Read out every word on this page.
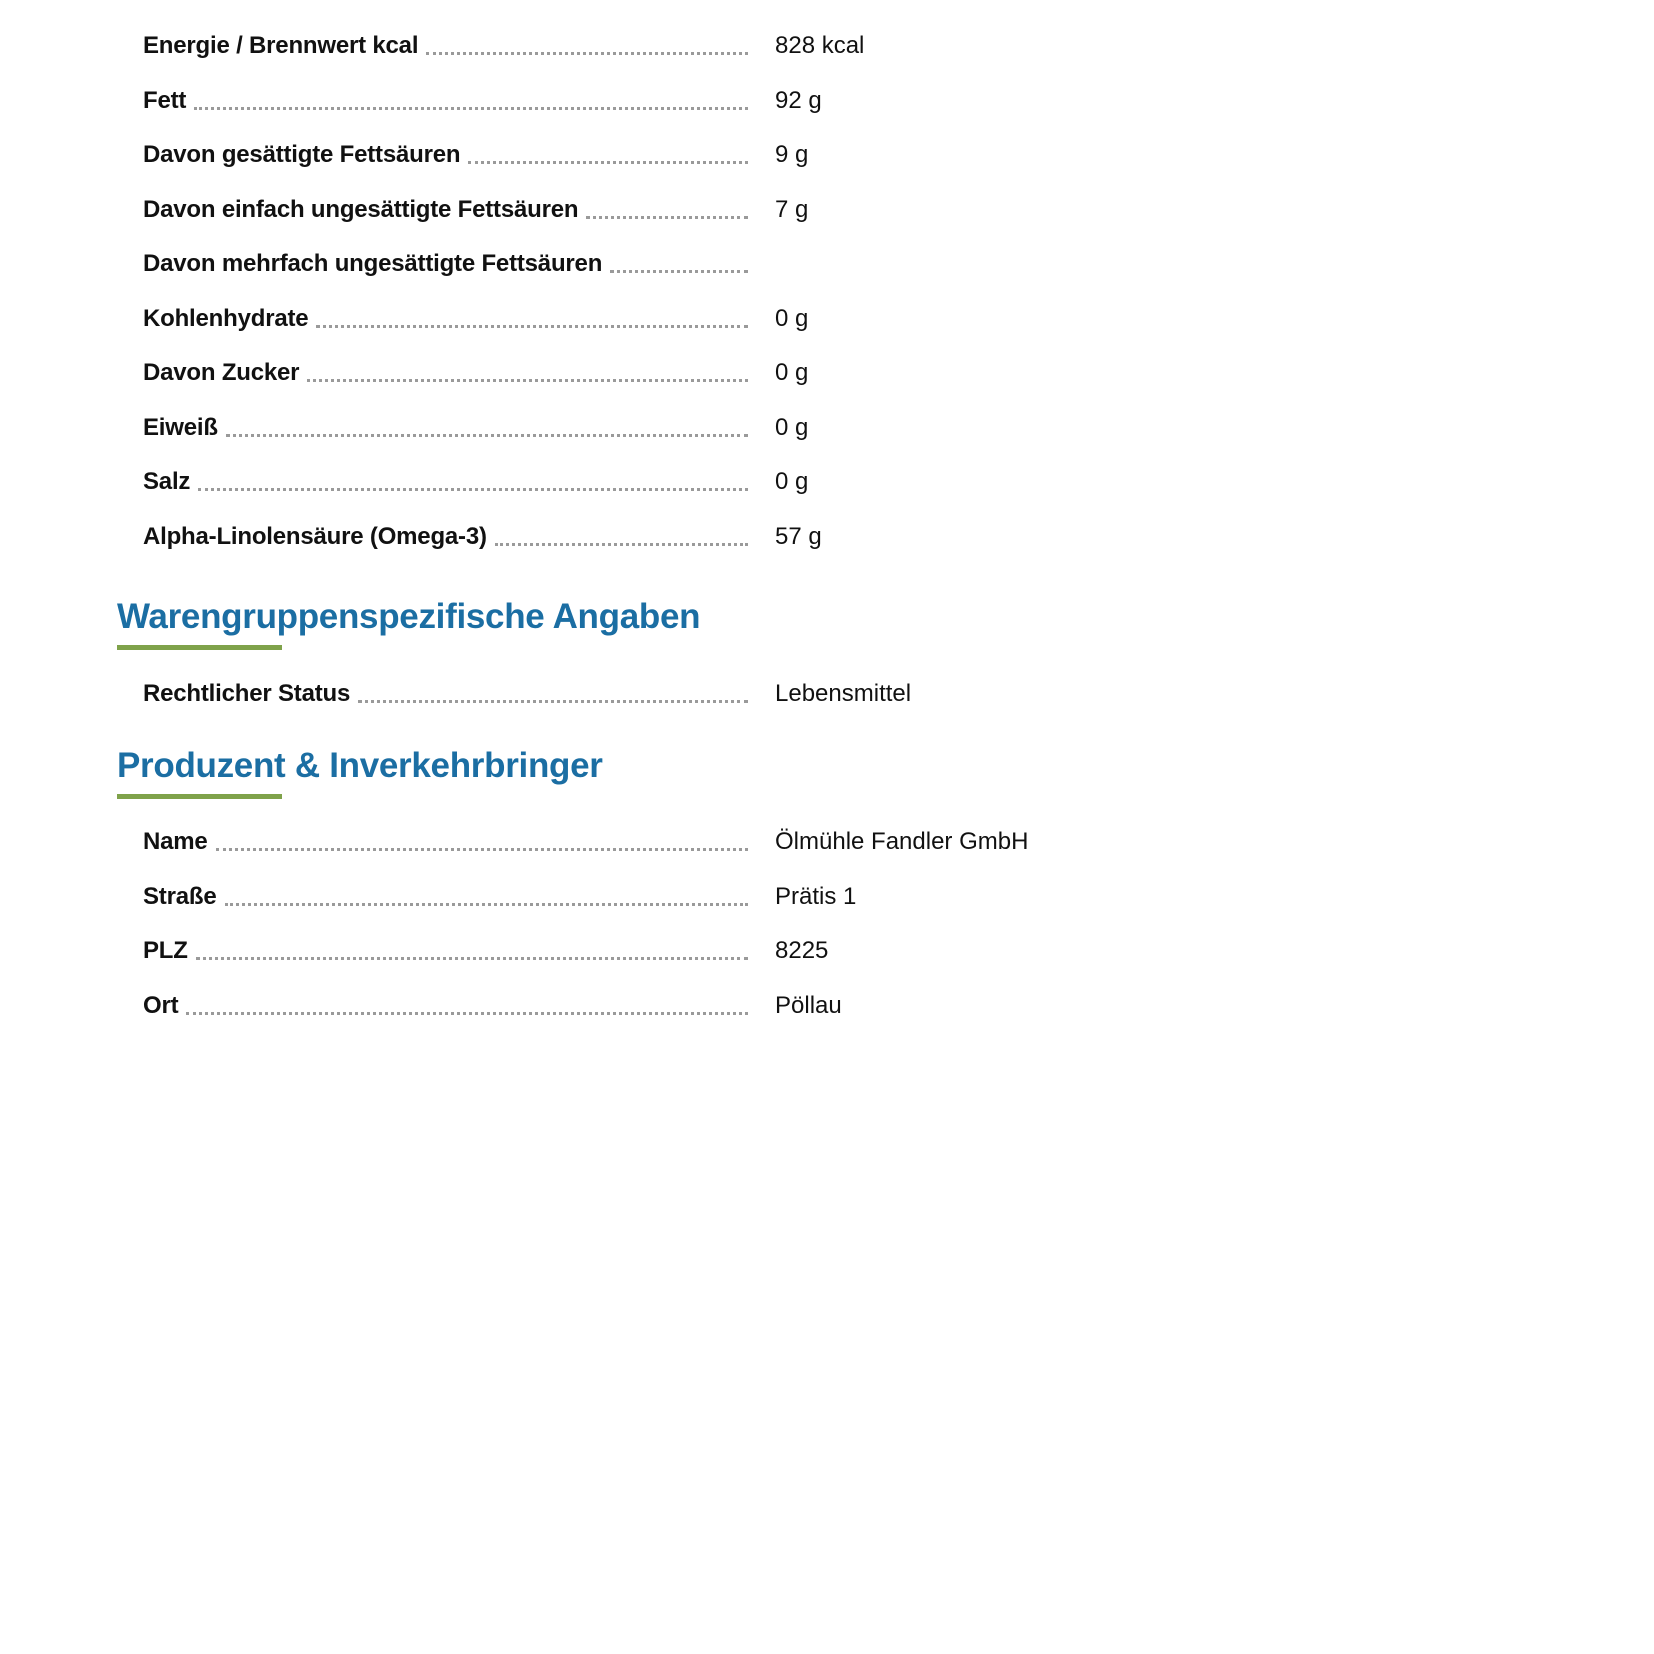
Energie / Brennwert kcal	828 kcal
Fett	92 g
Davon gesättigte Fettsäuren	9 g
Davon einfach ungesättigte Fettsäuren	7 g
Davon mehrfach ungesättigte Fettsäuren
Kohlenhydrate	0 g
Davon Zucker	0 g
Eiweiß	0 g
Salz	0 g
Alpha-Linolensäure (Omega-3)	57 g
Warengruppenspezifische Angaben
Rechtlicher Status	Lebensmittel
Produzent & Inverkehrbringer
Name	Ölmühle Fandler GmbH
Straße	Prätis 1
PLZ	8225
Ort	Pöllau
